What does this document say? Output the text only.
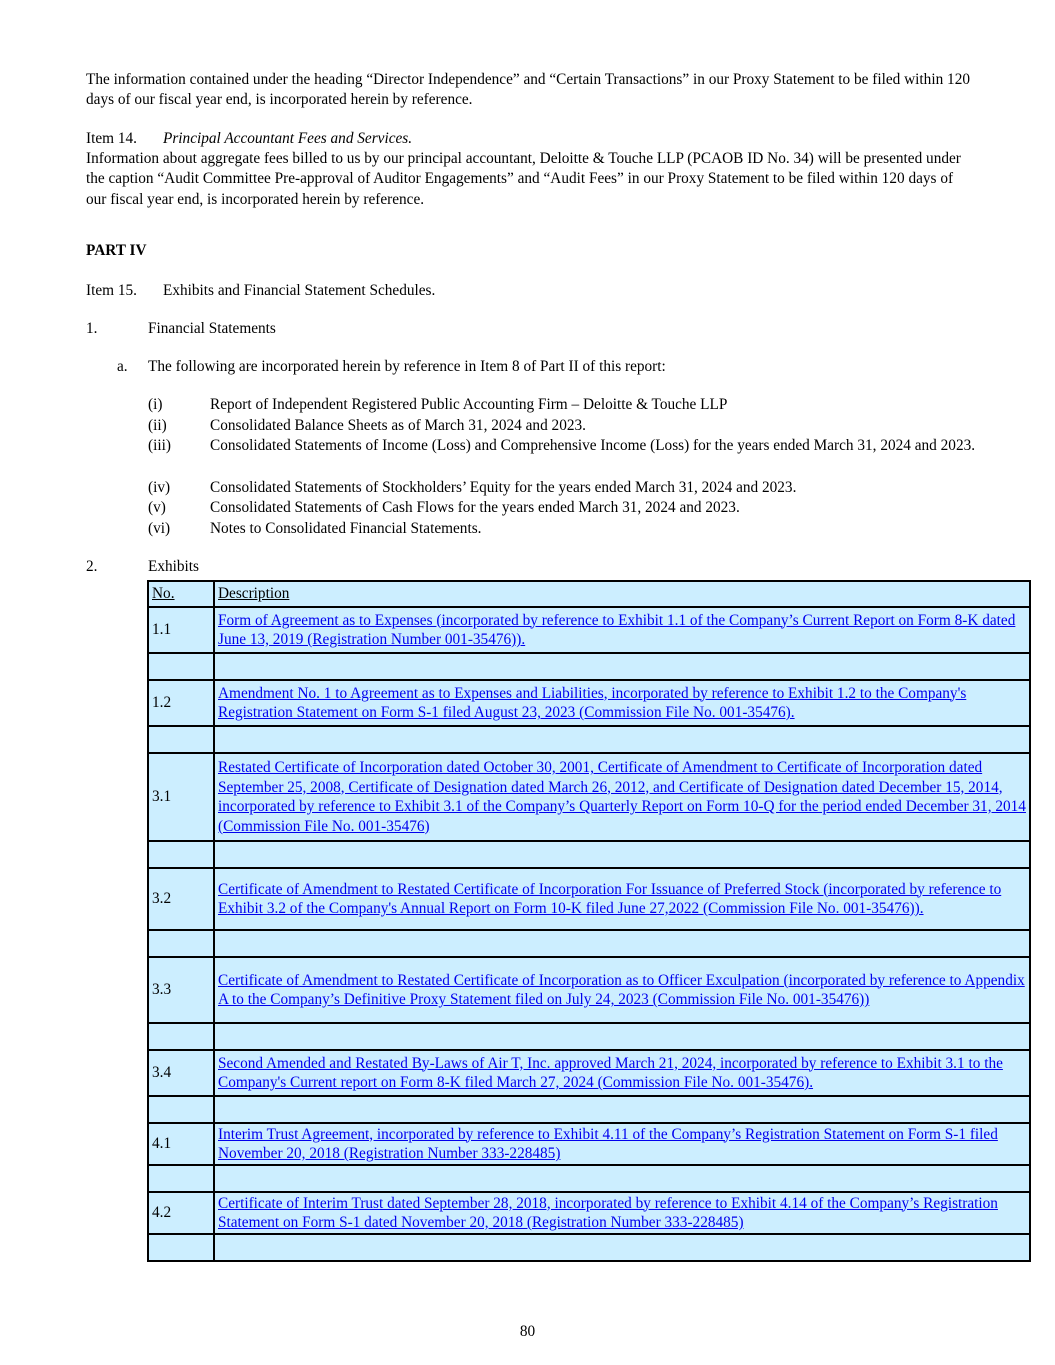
The information contained under the heading “Director Independence” and “Certain Transactions” in our Proxy Statement to be filed within 120 days of our fiscal year end, is incorporated herein by reference.

Item 14. Principal Accountant Fees and Services.

Information about aggregate fees billed to us by our principal accountant, Deloitte & Touche LLP (PCAOB ID No. 34) will be presented under the caption “Audit Committee Pre-approval of Auditor Engagements” and “Audit Fees” in our Proxy Statement to be filed within 120 days of our fiscal year end, is incorporated herein by reference.

PART IV

Item 15. Exhibits and Financial Statement Schedules.
1.	Financial Statements
a. The following are incorporated herein by reference in Item 8 of Part II of this report:
(i)	Report of Independent Registered Public Accounting Firm – Deloitte & Touche LLP
(ii)	Consolidated Balance Sheets as of March 31, 2024 and 2023.
(iii)	Consolidated Statements of Income (Loss) and Comprehensive Income (Loss) for the years ended March 31, 2024 and 2023.
(iv)	Consolidated Statements of Stockholders’ Equity for the years ended March 31, 2024 and 2023.
(v)	Consolidated Statements of Cash Flows for the years ended March 31, 2024 and 2023.
(vi)	Notes to Consolidated Financial Statements.
2.	Exhibits
No.	Description
1.1	Form of Agreement as to Expenses (incorporated by reference to Exhibit 1.1 of the Company’s Current Report on Form 8-K dated June 13, 2019 (Registration Number 001-35476)).

1.2	Amendment No. 1 to Agreement as to Expenses and Liabilities, incorporated by reference to Exhibit 1.2 to the Company's Registration Statement on Form S-1 filed August 23, 2023 (Commission File No. 001-35476).

3.1	Restated Certificate of Incorporation dated October 30, 2001, Certificate of Amendment to Certificate of Incorporation dated September 25, 2008, Certificate of Designation dated March 26, 2012, and Certificate of Designation dated December 15, 2014, incorporated by reference to Exhibit 3.1 of the Company’s Quarterly Report on Form 10-Q for the period ended December 31, 2014 (Commission File No. 001-35476)

3.2	Certificate of Amendment to Restated Certificate of Incorporation For Issuance of Preferred Stock (incorporated by reference to Exhibit 3.2 of the Company's Annual Report on Form 10-K filed June 27,2022 (Commission File No. 001-35476)).

3.3	Certificate of Amendment to Restated Certificate of Incorporation as to Officer Exculpation (incorporated by reference to Appendix A to the Company’s Definitive Proxy Statement filed on July 24, 2023 (Commission File No. 001-35476))

3.4	Second Amended and Restated By-Laws of Air T, Inc. approved March 21, 2024, incorporated by reference to Exhibit 3.1 to the Company's Current report on Form 8-K filed March 27, 2024 (Commission File No. 001-35476).

4.1	Interim Trust Agreement, incorporated by reference to Exhibit 4.11 of the Company’s Registration Statement on Form S-1 filed November 20, 2018 (Registration Number 333-228485)

4.2	Certificate of Interim Trust dated September 28, 2018, incorporated by reference to Exhibit 4.14 of the Company’s Registration Statement on Form S-1 dated November 20, 2018 (Registration Number 333-228485)

80
